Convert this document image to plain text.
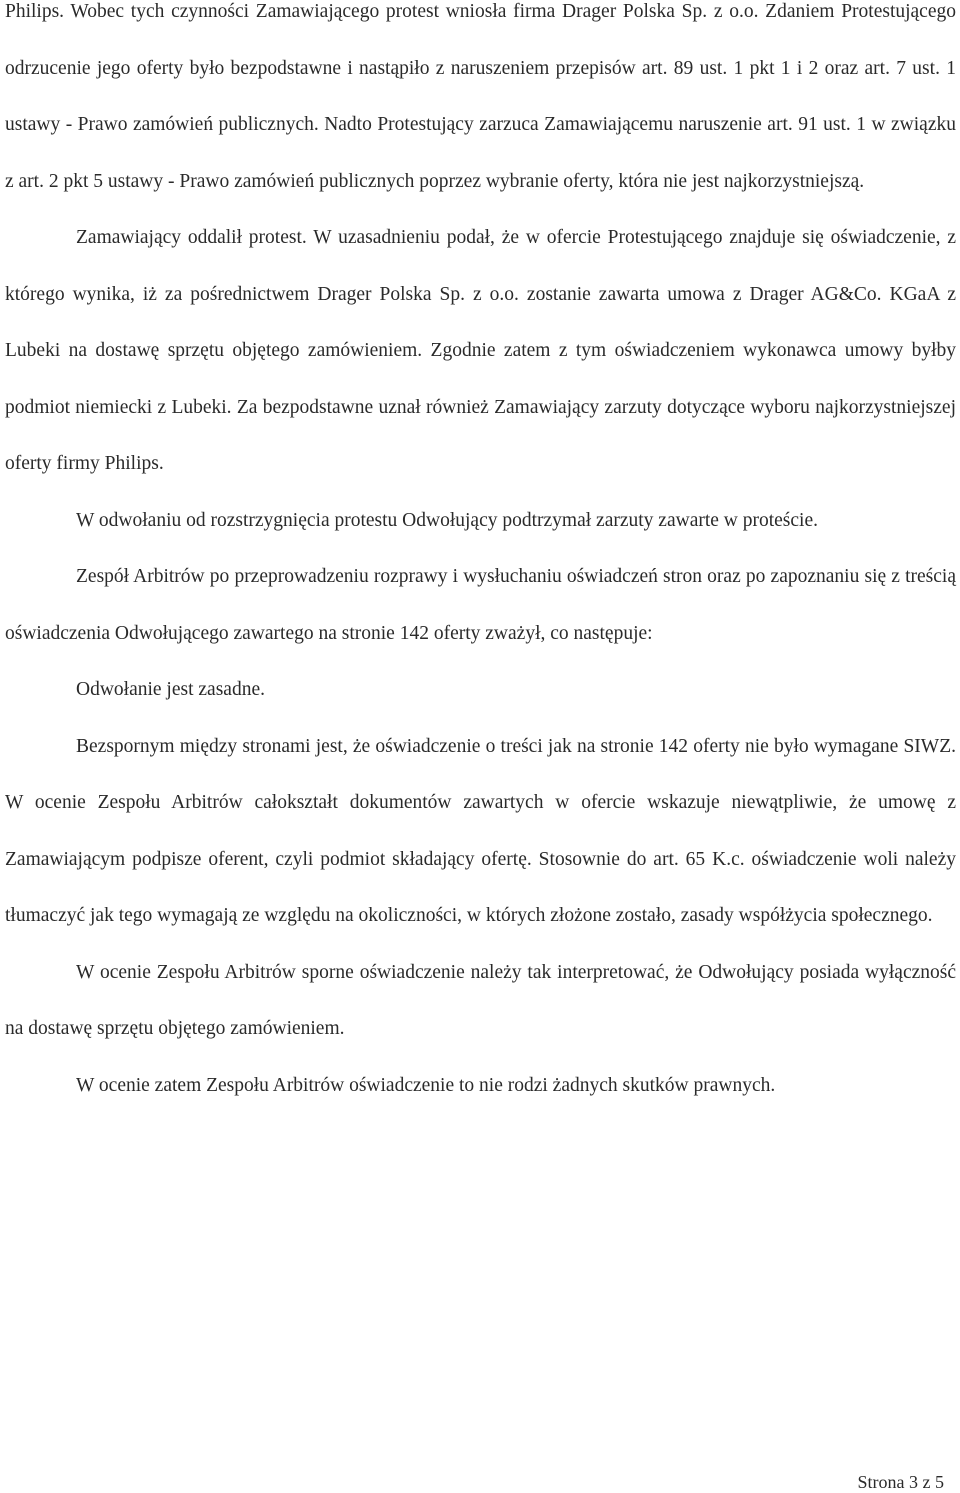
Philips. Wobec tych czynności Zamawiającego protest wniosła firma Drager Polska Sp. z o.o. Zdaniem Protestującego odrzucenie jego oferty było bezpodstawne i nastąpiło z naruszeniem przepisów art. 89 ust. 1 pkt 1 i 2 oraz art. 7 ust. 1 ustawy - Prawo zamówień publicznych. Nadto Protestujący zarzuca Zamawiającemu naruszenie art. 91 ust. 1 w związku z art. 2 pkt 5 ustawy - Prawo zamówień publicznych poprzez wybranie oferty, która nie jest najkorzystniejszą.

Zamawiający oddalił protest. W uzasadnieniu podał, że w ofercie Protestującego znajduje się oświadczenie, z którego wynika, iż za pośrednictwem Drager Polska Sp. z o.o. zostanie zawarta umowa z Drager AG&Co. KGaA z Lubeki na dostawę sprzętu objętego zamówieniem. Zgodnie zatem z tym oświadczeniem wykonawca umowy byłby podmiot niemiecki z Lubeki. Za bezpodstawne uznał również Zamawiający zarzuty dotyczące wyboru najkorzystniejszej oferty firmy Philips.

W odwołaniu od rozstrzygnięcia protestu Odwołujący podtrzymał zarzuty zawarte w proteście.

Zespół Arbitrów po przeprowadzeniu rozprawy i wysłuchaniu oświadczeń stron oraz po zapoznaniu się z treścią oświadczenia Odwołującego zawartego na stronie 142 oferty zważył, co następuje:

Odwołanie jest zasadne.

Bezspornym między stronami jest, że oświadczenie o treści jak na stronie 142 oferty nie było wymagane SIWZ. W ocenie Zespołu Arbitrów całokształt dokumentów zawartych w ofercie wskazuje niewątpliwie, że umowę z Zamawiającym podpisze oferent, czyli podmiot składający ofertę. Stosownie do art. 65 K.c. oświadczenie woli należy tłumaczyć jak tego wymagają ze względu na okoliczności, w których złożone zostało, zasady współżycia społecznego.

W ocenie Zespołu Arbitrów sporne oświadczenie należy tak interpretować, że Odwołujący posiada wyłączność na dostawę sprzętu objętego zamówieniem.

W ocenie zatem Zespołu Arbitrów oświadczenie to nie rodzi żadnych skutków prawnych.

Strona 3 z 5
